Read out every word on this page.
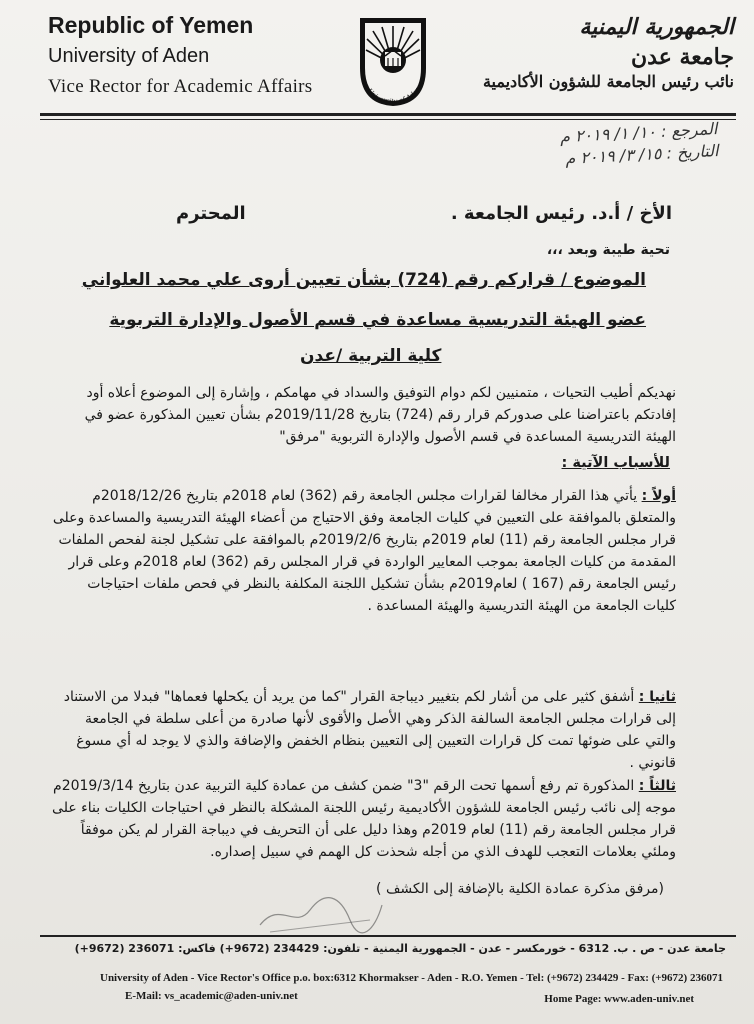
Republic of Yemen
University of Aden
Vice Rector for Academic Affairs	University of Aden
الجمهورية اليمنية
جامعة عدن
نائب رئيس الجامعة للشؤون الأكاديمية
المرجع : ١٠/ ١/ ٢٠١٩ م
التاريخ : ١٥/ ٣/ ٢٠١٩ م
الأخ / أ.د. رئيس الجامعة .
المحترم
تحية طيبة وبعد ،،،
الموضوع / قراركم رقم (724) بشأن تعيين أروى علي محمد العلواني
عضو الهيئة التدريسية مساعدة في قسم الأصول والإدارة التربوية
كلية التربية /عدن
نهديكم أطيب التحيات ، متمنيين لكم دوام التوفيق والسداد في مهامكم ، وإشارة إلى الموضوع أعلاه أود إفادتكم باعتراضنا على صدوركم قرار رقم (724) بتاريخ 2019/11/28م بشأن تعيين المذكورة عضو في الهيئة التدريسية المساعدة في قسم الأصول والإدارة التربوية "مرفق"
للأسباب الآتية :
أولاً : يأتي هذا القرار مخالفا لقرارات مجلس الجامعة رقم (362) لعام 2018م بتاريخ 2018/12/26م والمتعلق بالموافقة على التعيين في كليات الجامعة وفق الاحتياج من أعضاء الهيئة التدريسية والمساعدة وعلى قرار مجلس الجامعة رقم (11) لعام 2019م بتاريخ 2019/2/6م بالموافقة على تشكيل لجنة لفحص الملفات المقدمة من كليات الجامعة بموجب المعايير الواردة في قرار المجلس رقم (362) لعام 2018م وعلى قرار رئيس الجامعة رقم (167 ) لعام2019م بشأن تشكيل اللجنة المكلفة بالنظر في فحص ملفات احتياجات كليات الجامعة من الهيئة التدريسية والهيئة المساعدة .
ثانيا : أشفق كثير على من أشار لكم بتغيير ديباجة القرار "كما من يريد أن يكحلها فعماها" فبدلا من الاستناد إلى قرارات مجلس الجامعة السالفة الذكر وهي الأصل والأقوى لأنها صادرة من أعلى سلطة في الجامعة والتي على ضوئها تمت كل قرارات التعيين إلى التعيين بنظام الخفض والإضافة والذي لا يوجد له أي مسوغ قانوني .
ثالثاً : المذكورة تم رفع أسمها تحت الرقم "3" ضمن كشف من عمادة كلية التربية عدن بتاريخ 2019/3/14م موجه إلى نائب رئيس الجامعة للشؤون الأكاديمية رئيس اللجنة المشكلة بالنظر في احتياجات الكليات بناء على قرار مجلس الجامعة رقم (11) لعام 2019م وهذا دليل على أن التحريف في ديباجة القرار لم يكن موفقاً وملئي بعلامات التعجب للهدف الذي من أجله شحذت كل الهمم في سبيل إصداره.
(مرفق مذكرة عمادة الكلية بالإضافة إلى الكشف )
جامعة عدن - ص . ب. 6312 - خورمكسر - عدن - الجمهورية اليمنية - تلفون: 234429 (9672+) فاكس: 236071 (9672+)
University of Aden - Vice Rector's Office p.o. box:6312 Khormakser - Aden - R.O. Yemen - Tel: (+9672) 234429 - Fax: (+9672) 236071
E-Mail: vs_academic@aden-univ.net	Home Page: www.aden-univ.net
